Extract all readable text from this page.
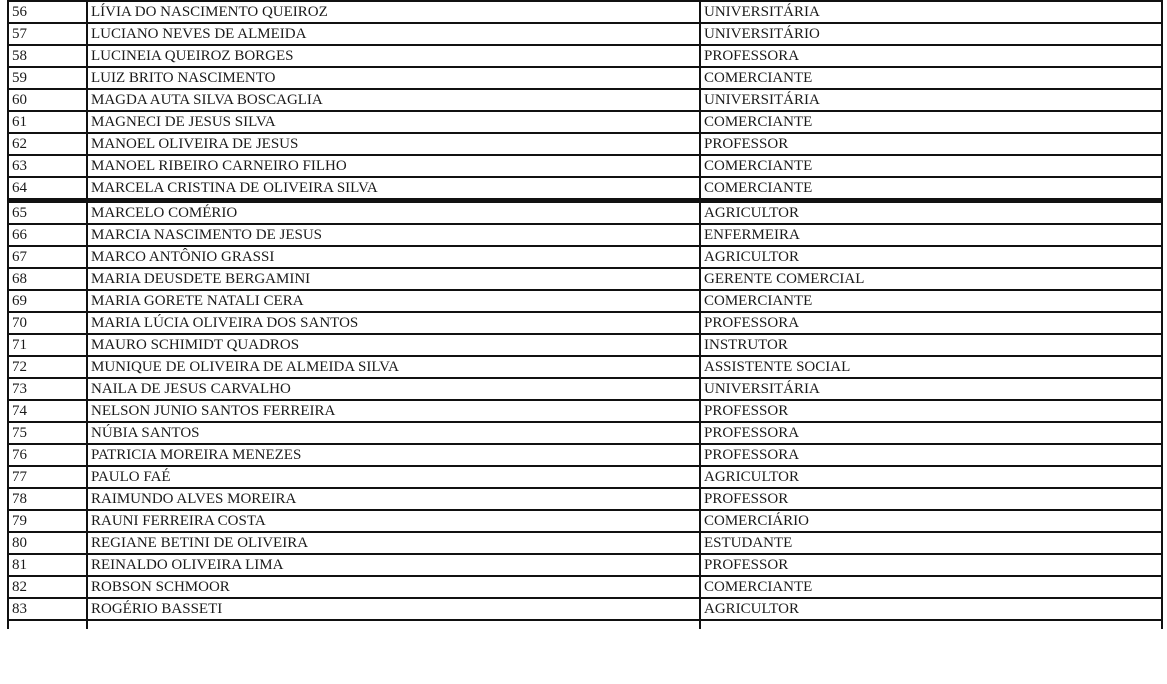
56	LÍVIA DO NASCIMENTO QUEIROZ	UNIVERSITÁRIA
57	LUCIANO NEVES DE ALMEIDA	UNIVERSITÁRIO
58	LUCINEIA QUEIROZ BORGES	PROFESSORA
59	LUIZ BRITO NASCIMENTO	COMERCIANTE
60	MAGDA AUTA SILVA BOSCAGLIA	UNIVERSITÁRIA
61	MAGNECI DE JESUS SILVA	COMERCIANTE
62	MANOEL OLIVEIRA DE JESUS	PROFESSOR
63	MANOEL RIBEIRO CARNEIRO FILHO	COMERCIANTE
64	MARCELA CRISTINA DE OLIVEIRA SILVA	COMERCIANTE
65	MARCELO COMÉRIO	AGRICULTOR
66	MARCIA NASCIMENTO DE JESUS	ENFERMEIRA
67	MARCO ANTÔNIO GRASSI	AGRICULTOR
68	MARIA DEUSDETE BERGAMINI	GERENTE COMERCIAL
69	MARIA GORETE NATALI CERA	COMERCIANTE
70	MARIA LÚCIA OLIVEIRA DOS SANTOS	PROFESSORA
71	MAURO SCHIMIDT QUADROS	INSTRUTOR
72	MUNIQUE DE OLIVEIRA DE ALMEIDA SILVA	ASSISTENTE SOCIAL
73	NAILA DE JESUS CARVALHO	UNIVERSITÁRIA
74	NELSON JUNIO SANTOS FERREIRA	PROFESSOR
75	NÚBIA SANTOS	PROFESSORA
76	PATRICIA MOREIRA MENEZES	PROFESSORA
77	PAULO FAÉ	AGRICULTOR
78	RAIMUNDO ALVES MOREIRA	PROFESSOR
79	RAUNI FERREIRA COSTA	COMERCIÁRIO
80	REGIANE BETINI DE OLIVEIRA	ESTUDANTE
81	REINALDO OLIVEIRA LIMA	PROFESSOR
82	ROBSON SCHMOOR	COMERCIANTE
83	ROGÉRIO BASSETI	AGRICULTOR
